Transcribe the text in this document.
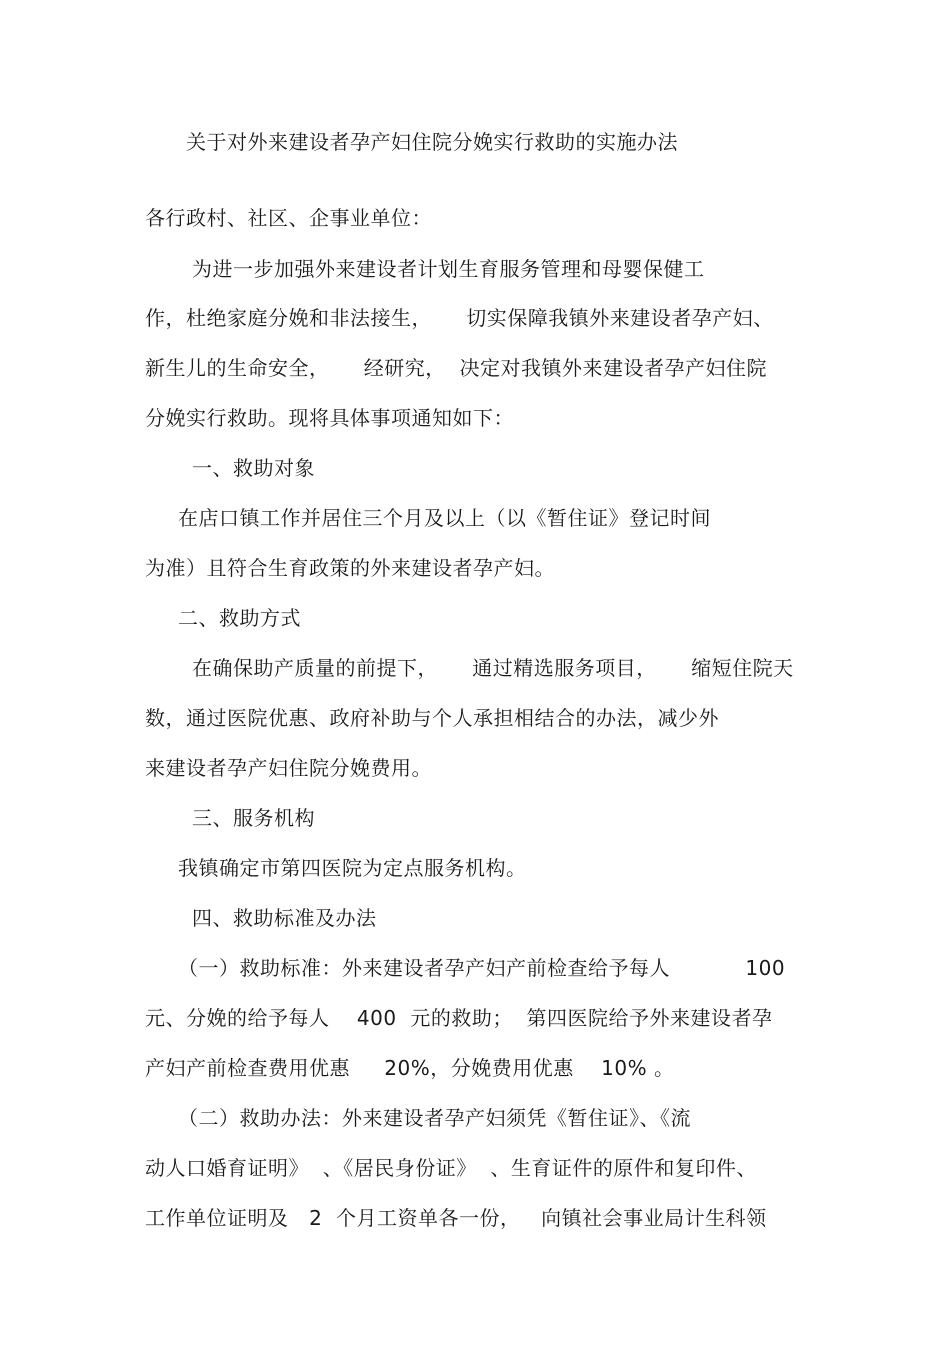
关于对外来建设者孕产妇住院分娩实行救助的实施办法
各行政村、社区、企事业单位：
为进一步加强外来建设者计划生育服务管理和母婴保健工
作，杜绝家庭分娩和非法接生，     切实保障我镇外来建设者孕产妇、
新生儿的生命安全，     经研究，  决定对我镇外来建设者孕产妇住院
分娩实行救助。现将具体事项通知如下：
一、救助对象
在店口镇工作并居住三个月及以上（以《暂住证》登记时间
为准）且符合生育政策的外来建设者孕产妇。
二、救助方式
在确保助产质量的前提下，     通过精选服务项目，     缩短住院天
数，通过医院优惠、政府补助与个人承担相结合的办法，减少外
来建设者孕产妇住院分娩费用。
三、服务机构
我镇确定市第四医院为定点服务机构。
四、救助标准及办法
（一）救助标准：外来建设者孕产妇产前检查给予每人           100
元、分娩的给予每人    400  元的救助；  第四医院给予外来建设者孕
产妇产前检查费用优惠     20%，分娩费用优惠    10% 。
（二）救助办法：外来建设者孕产妇须凭《暂住证》、《流
动人口婚育证明》  、《居民身份证》  、生育证件的原件和复印件、
工作单位证明及   2  个月工资单各一份，   向镇社会事业局计生科领
